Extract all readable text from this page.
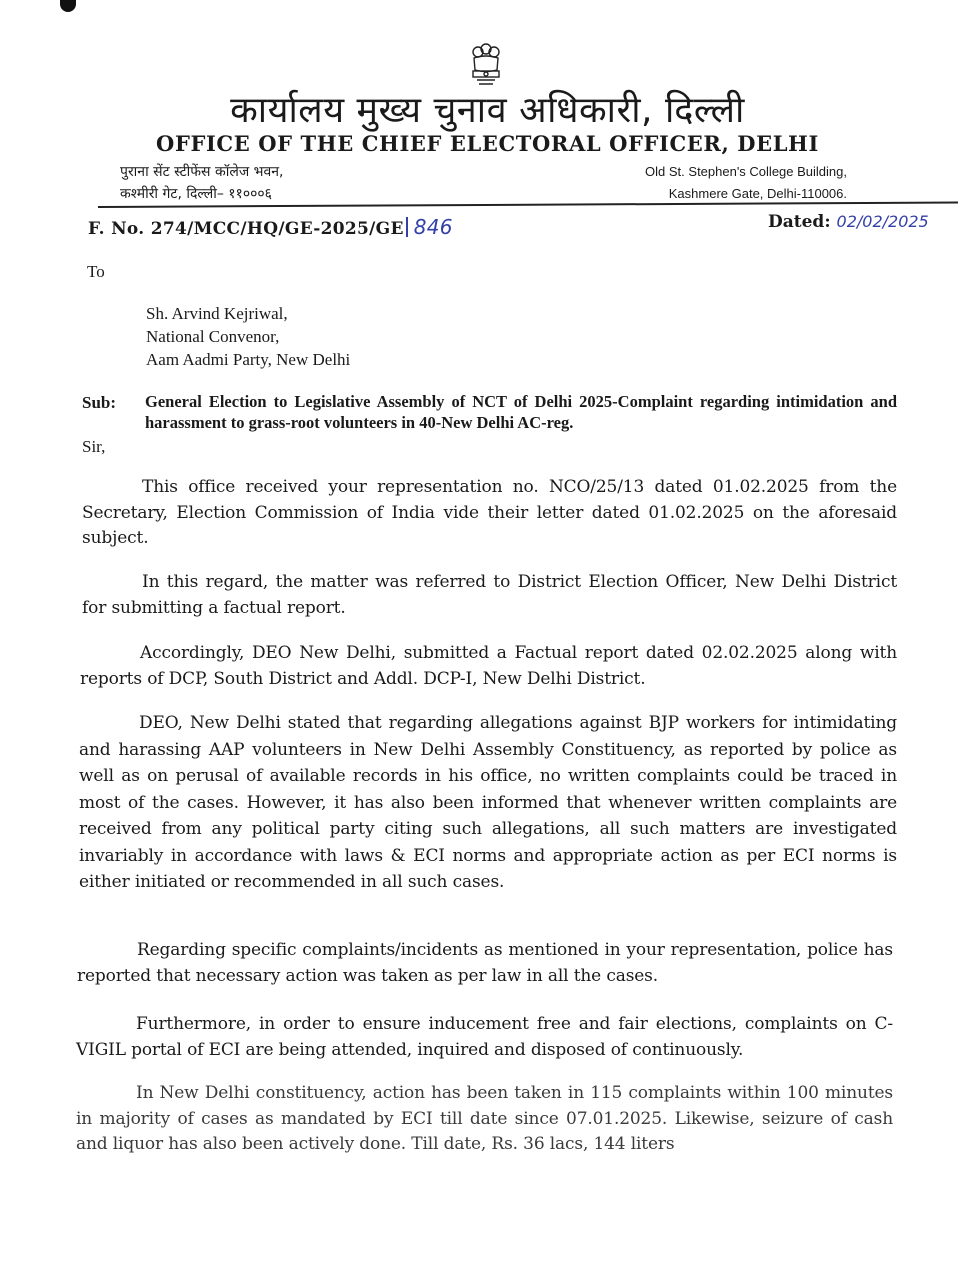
कार्यालय मुख्य चुनाव अधिकारी, दिल्ली
OFFICE OF THE CHIEF ELECTORAL OFFICER, DELHI
पुराना सेंट स्टीफेंस कॉलेज भवन,
कश्मीरी गेट, दिल्ली– ११०००६
Old St. Stephen's College Building,
Kashmere Gate, Delhi-110006.
F. No. 274/MCC/HQ/GE-2025/GE 846	Dated: 02/02/2025
To
Sh. Arvind Kejriwal,
National Convenor,
Aam Aadmi Party, New Delhi
Sub: General Election to Legislative Assembly of NCT of Delhi 2025-Complaint regarding intimidation and harassment to grass-root volunteers in 40-New Delhi AC-reg.
Sir,
This office received your representation no. NCO/25/13 dated 01.02.2025 from the Secretary, Election Commission of India vide their letter dated 01.02.2025 on the aforesaid subject.
In this regard, the matter was referred to District Election Officer, New Delhi District for submitting a factual report.
Accordingly, DEO New Delhi, submitted a Factual report dated 02.02.2025 along with reports of DCP, South District and Addl. DCP-I, New Delhi District.
DEO, New Delhi stated that regarding allegations against BJP workers for intimidating and harassing AAP volunteers in New Delhi Assembly Constituency, as reported by police as well as on perusal of available records in his office, no written complaints could be traced in most of the cases. However, it has also been informed that whenever written complaints are received from any political party citing such allegations, all such matters are investigated invariably in accordance with laws & ECI norms and appropriate action as per ECI norms is either initiated or recommended in all such cases.
Regarding specific complaints/incidents as mentioned in your representation, police has reported that necessary action was taken as per law in all the cases.
Furthermore, in order to ensure inducement free and fair elections, complaints on C-VIGIL portal of ECI are being attended, inquired and disposed of continuously.
In New Delhi constituency, action has been taken in 115 complaints within 100 minutes in majority of cases as mandated by ECI till date since 07.01.2025. Likewise, seizure of cash and liquor has also been actively done. Till date, Rs. 36 lacs, 144 liters
